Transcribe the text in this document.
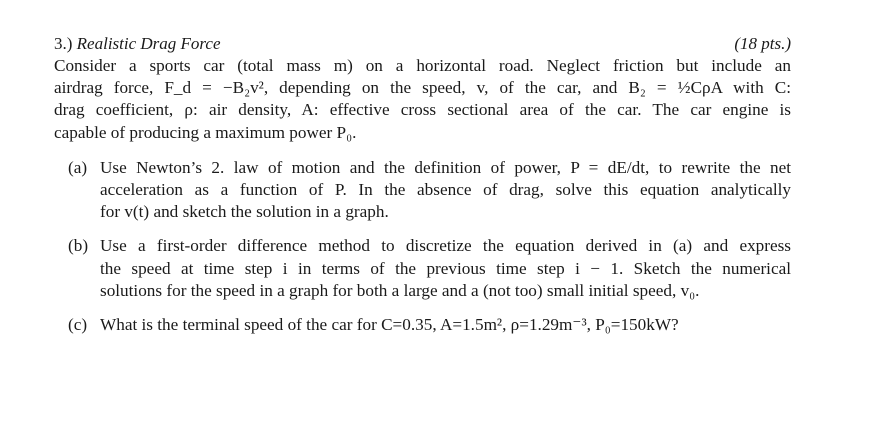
3.) Realistic Drag Force	(18 pts.)
Consider a sports car (total mass m) on a horizontal road. Neglect friction but include an
airdrag force, F_d = −B₂v², depending on the speed, v, of the car, and B₂ = ½CρA with C:
drag coefficient, ρ: air density, A: effective cross sectional area of the car. The car engine is
capable of producing a maximum power P₀.
(a) Use Newton’s 2. law of motion and the definition of power, P = dE/dt, to rewrite the net
acceleration as a function of P. In the absence of drag, solve this equation analytically
for v(t) and sketch the solution in a graph.
(b) Use a first-order difference method to discretize the equation derived in (a) and express
the speed at time step i in terms of the previous time step i − 1. Sketch the numerical
solutions for the speed in a graph for both a large and a (not too) small initial speed, v₀.
(c) What is the terminal speed of the car for C=0.35, A=1.5m², ρ=1.29m⁻³, P₀=150kW?
